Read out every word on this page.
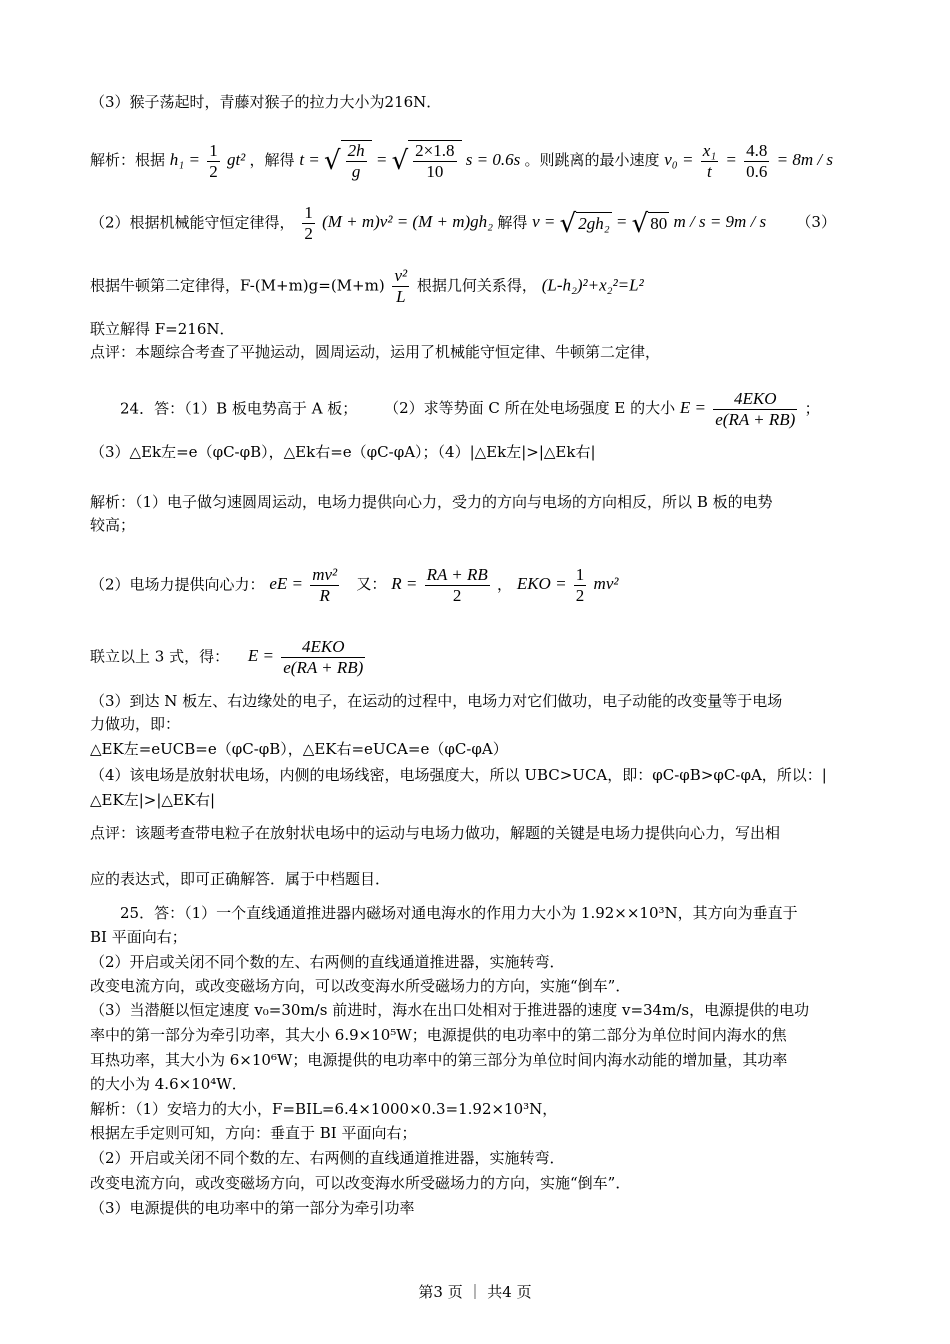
（3）猴子荡起时，青藤对猴子的拉力大小为216N．
解析：根据 $h_1 = \frac{1}{2} gt^2$ ，解得 t = √ $\frac{2h}{g}$ = √ $\frac{2\times 1.8}{10}$ s = 0.6s 。则跳离的最小速度 $v_0 = \frac{\text{x₁}}{t} = \frac{4.8}{0.6} = 8m / s$
（2）根据机械能守恒定律得， $\frac{1}{2} (M + m)v^2 = (M + m)gh_2$ 解得 v = √ 2gh₂ = √ 80 m / s = 9m / s （3）
根据牛顿第二定律得，$F-(M+m)g=(M+m) \frac{\text{v²}}{L}$ 根据几何关系得， (L-h₂)²+x₂²=L²
联立解得 F=216N．
点评：本题综合考查了平抛运动，圆周运动，运用了机械能守恒定律、牛顿第二定律，
24．答：（1）B 板电势高于 A 板； （2）求等势面 C 所在处电场强度 E 的大小 $E = \frac{\text{4EKO}}{e(RA + RB)}$ ；
（3）△Ek左=e（φC-φB），△Ek右=e（φC-φA）；（4）|△Ek左|>|△Ek右|
解析：（1）电子做匀速圆周运动，电场力提供向心力，受力的方向与电场的方向相反，所以 B 板的电势
较高；
（2）电场力提供向心力： eE = $\frac{\text{mv²}}{R}$ 又： $R = \frac{RA + RB}{2}$ ， EKO = $\frac{1}{2} mv^2$
联立以上 3 式，得： $E = \frac{\text{4EKO}}{e(RA + RB)}$
（3）到达 N 板左、右边缘处的电子，在运动的过程中，电场力对它们做功，电子动能的改变量等于电场
力做功，即：
△EK左=eUCB=e（φC-φB），△EK右=eUCA=e（φC-φA）
（4）该电场是放射状电场，内侧的电场线密，电场强度大，所以 UBC>UCA，即：φC-φB>φC-φA，所以：|
△EK左|>|△EK右|
点评：该题考查带电粒子在放射状电场中的运动与电场力做功，解题的关键是电场力提供向心力，写出相
应的表达式，即可正确解答．属于中档题目．
25．答：（1）一个直线通道推进器内磁场对通电海水的作用力大小为 1.92××10³N，其方向为垂直于
BI 平面向右；
（2）开启或关闭不同个数的左、右两侧的直线通道推进器，实施转弯．
改变电流方向，或改变磁场方向，可以改变海水所受磁场力的方向，实施“倒车”．
（3）当潜艇以恒定速度 v₀=30m/s 前进时，海水在出口处相对于推进器的速度 v=34m/s，电源提供的电功
率中的第一部分为牵引功率，其大小 6.9×10⁵W；电源提供的电功率中的第二部分为单位时间内海水的焦
耳热功率，其大小为 6×10⁶W；电源提供的电功率中的第三部分为单位时间内海水动能的增加量，其功率
的大小为 4.6×10⁴W．
解析：（1）安培力的大小，F=BIL=6.4×1000×0.3=1.92×10³N，
根据左手定则可知，方向：垂直于 BI 平面向右；
（2）开启或关闭不同个数的左、右两侧的直线通道推进器，实施转弯．
改变电流方向，或改变磁场方向，可以改变海水所受磁场力的方向，实施“倒车”．
（3）电源提供的电功率中的第一部分为牵引功率
第3 页 ｜ 共4 页
